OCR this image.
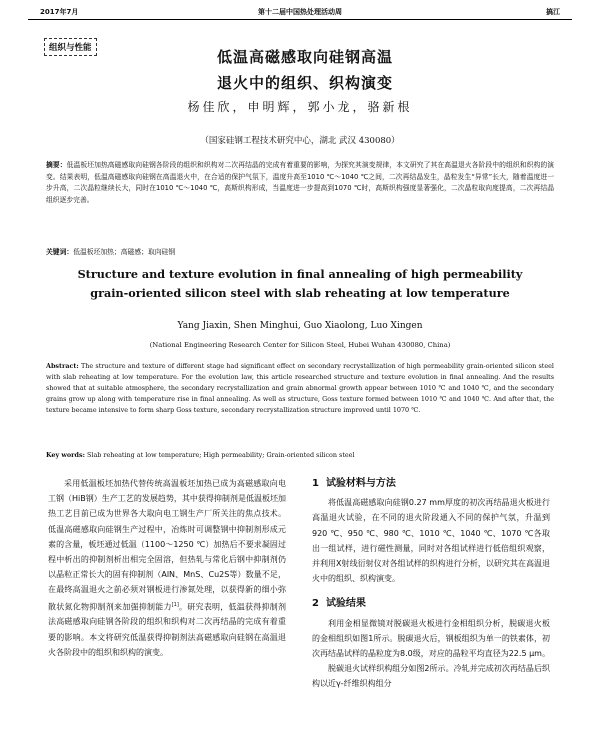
2017年7月	第十二届中国热处理活动周	搞江
组织与性能	低温高磁感取向硅钢高温
退火中的组织、织构演变
杨佳欣，申明辉，郭小龙，骆新根
（国家硅钢工程技术研究中心，湖北 武汉 430080）
摘要：低温板坯加热高磁感取向硅钢各阶段的组织和织构对二次再结晶的完成有着重要的影响，为探究其演变规律，本文研究了其在高温退火各阶段中的组织和织构的演变。结果表明，低温高磁感取向硅钢在高温退火中，在合适的保护气氛下，温度升高至1010 ℃～1040 ℃之间，二次再结晶发生，晶粒发生“异常”长大，随着温度进一步升高，二次晶粒继续长大，同时在1010 ℃～1040 ℃，高斯织构形成，当温度进一步提高到1070 ℃时，高斯织构强度显著强化，二次晶粒取向度提高，二次再结晶组织逐步完善。
关键词：低温板坯加热；高磁感；取向硅钢
Structure and texture evolution in final annealing of high permeability
grain-oriented silicon steel with slab reheating at low temperature
Yang Jiaxin, Shen Minghui, Guo Xiaolong, Luo Xingen
(National Engineering Research Center for Silicon Steel, Hubei Wuhan 430080, China)
Abstract: The structure and texture of different stage had significant effect on secondary recrystallization of high permeability grain-oriented silicon steel with slab reheating at low temperature. For the evolution law, this article researched structure and texture evolution in final annealing. And the results showed that at suitable atmosphere, the secondary recrystallization and grain abnormal growth appear between 1010 ℃ and 1040 ℃, and the secondary grains grow up along with temperature rise in final annealing. As well as structure, Goss texture formed between 1010 ℃ and 1040 ℃. And after that, the texture became intensive to form sharp Goss texture, secondary recrystallization structure improved until 1070 ℃.
Key words: Slab reheating at low temperature; High permeability; Grain-oriented silicon steel

采用低温板坯加热代替传统高温板坯加热已成为高磁感取向电工钢（HiB钢）生产工艺的发展趋势，其中获得抑制剂是低温板坯加热工艺目前已成为世界各大取向电工钢生产厂所关注的焦点技术。低温高磁感取向硅钢生产过程中，冶炼时可调整钢中抑制剂形成元素的含量，板坯通过低温（1100～1250 ℃）加热后不要求凝固过程中析出的抑制剂析出相完全固溶，但热轧与常化后钢中抑制剂仍以晶粒正常长大的固有抑制剂（AlN、MnS、Cu2S等）数量不足，在最终高温退火之前必须对钢板进行渗氮处理，以获得新的细小弥散状氮化物抑制剂来加强抑制能力[1]。研究表明，低温获得抑制剂法高磁感取向硅钢各阶段的组织和织构对二次再结晶的完成有着重要的影响。本文将研究低温获得抑制剂法高磁感取向硅钢在高温退火各阶段中的组织和织构的演变。

1 试验材料与方法

将低温高磁感取向硅钢0.27 mm厚度的初次再结晶退火板进行高温退火试验，在不同的退火阶段通入不同的保护气氛，升温到920 ℃、950 ℃、980 ℃、1010 ℃、1040 ℃、1070 ℃各取出一组试样，进行磁性测量，同时对各组试样进行低倍组织观察，并利用X射线衍射仪对各组试样的织构进行分析，以研究其在高温退火中的组织、织构演变。

2 试验结果

利用金相显微镜对脱碳退火板进行金相组织分析，脱碳退火板的金相组织如图1所示。脱碳退火后，钢板组织为单一的铁素体，初次再结晶试样的晶粒度为8.0级，对应的晶粒平均直径为22.5 μm。

脱碳退火试样织构组分如图2所示。冷轧并完成初次再结晶后织构以近γ-纤维织构组分
